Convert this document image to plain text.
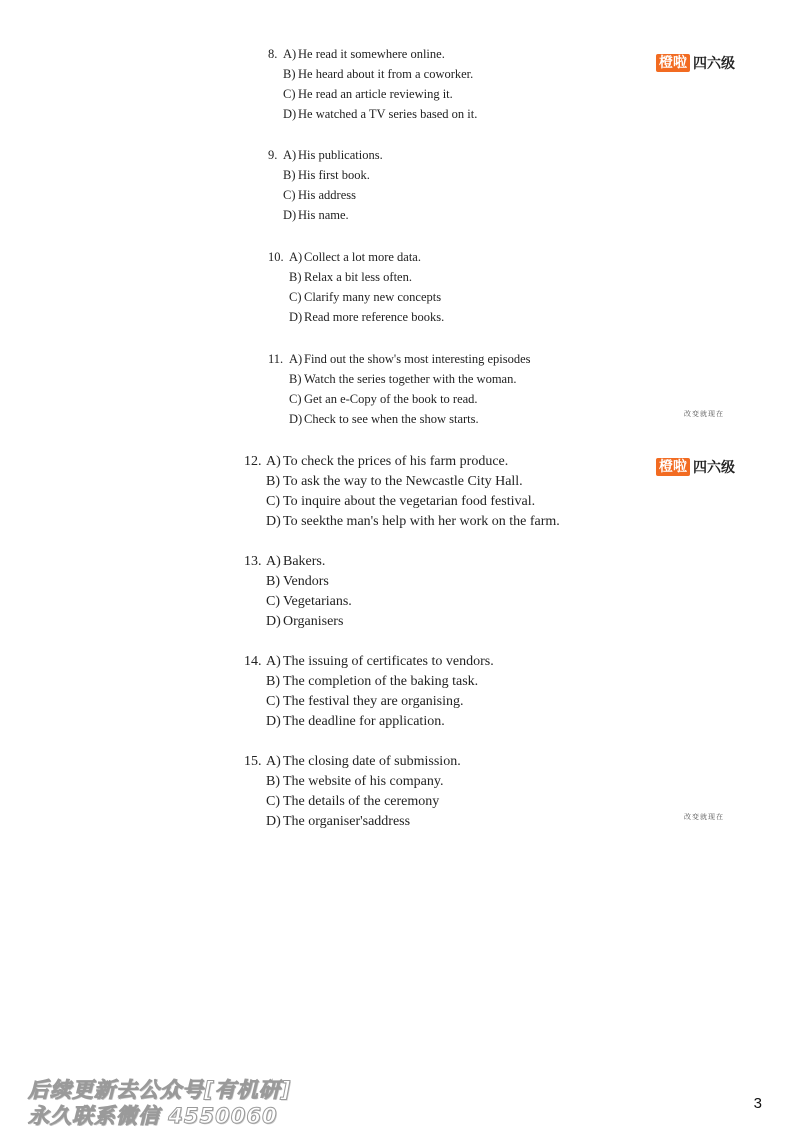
橙啦 四六级
橙啦 四六级
改变就现在
改变就现在
8. A) He read it somewhere online.
B) He heard about it from a coworker.
C) He read an article reviewing it.
D) He watched a TV series based on it.
9. A) His publications.
B) His first book.
C) His address
D) His name.
10. A) Collect a lot more data.
B) Relax a bit less often.
C) Clarify many new concepts
D) Read more reference books.
11. A) Find out the show's most interesting episodes
B) Watch the series together with the woman.
C) Get an e-Copy of the book to read.
D) Check to see when the show starts.
12. A) To check the prices of his farm produce.
B) To ask the way to the Newcastle City Hall.
C) To inquire about the vegetarian food festival.
D) To seekthe man's help with her work on the farm.
13. A) Bakers.
B) Vendors
C) Vegetarians.
D) Organisers
14. A) The issuing of certificates to vendors.
B) The completion of the baking task.
C) The festival they are organising.
D) The deadline for application.
15. A) The closing date of submission.
B) The website of his company.
C) The details of the ceremony
D) The organiser'saddress
后续更新去公众号[有机研]
永久联系微信 4550060
3
